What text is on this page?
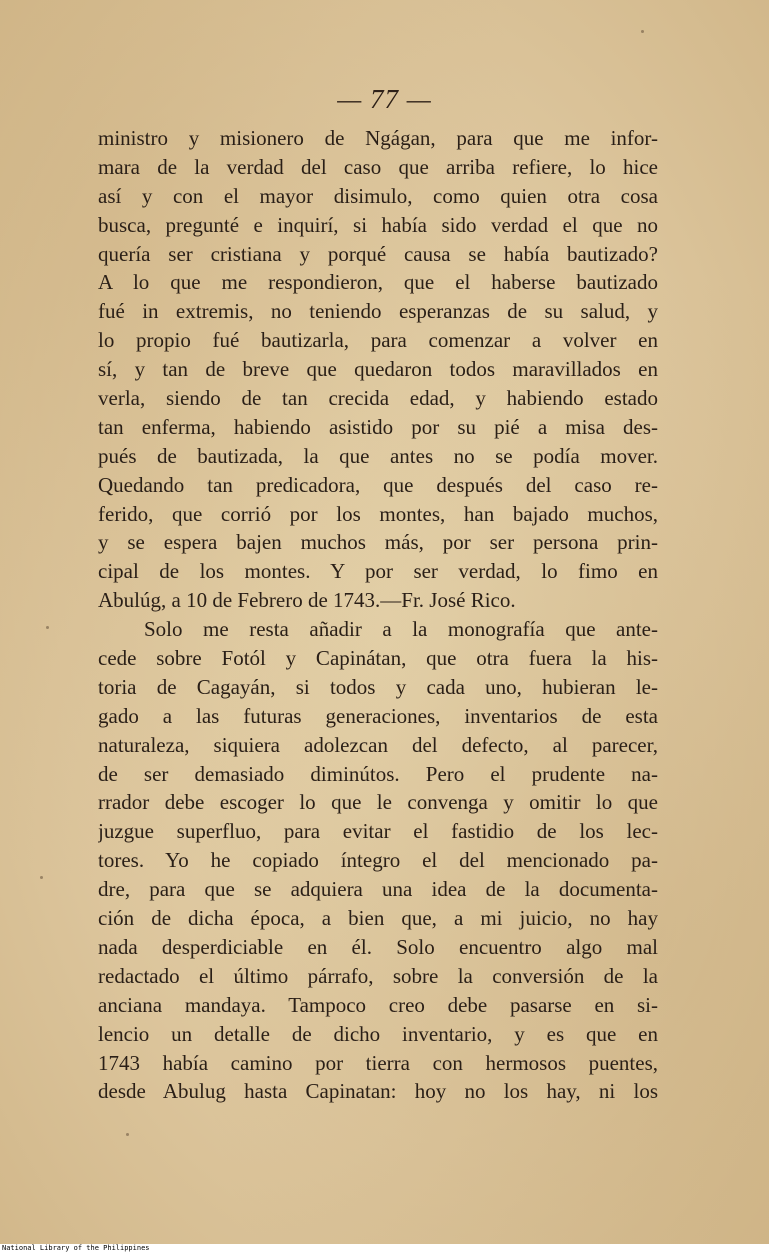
— 77 —
ministro y misionero de Ngágan, para que me infor-
mara de la verdad del caso que arriba refiere, lo hice
así y con el mayor disimulo, como quien otra cosa
busca, pregunté e inquirí, si había sido verdad el que no
quería ser cristiana y porqué causa se había bautizado?
A lo que me respondieron, que el haberse bautizado
fué in extremis, no teniendo esperanzas de su salud, y
lo propio fué bautizarla, para comenzar a volver en
sí, y tan de breve que quedaron todos maravillados en
verla, siendo de tan crecida edad, y habiendo estado
tan enferma, habiendo asistido por su pié a misa des-
pués de bautizada, la que antes no se podía mover.
Quedando tan predicadora, que después del caso re-
ferido, que corrió por los montes, han bajado muchos,
y se espera bajen muchos más, por ser persona prin-
cipal de los montes. Y por ser verdad, lo fimo en
Abulúg, a 10 de Febrero de 1743.—Fr. José Rico.
Solo me resta añadir a la monografía que ante-
cede sobre Fotól y Capinátan, que otra fuera la his-
toria de Cagayán, si todos y cada uno, hubieran le-
gado a las futuras generaciones, inventarios de esta
naturaleza, siquiera adolezcan del defecto, al parecer,
de ser demasiado diminútos. Pero el prudente na-
rrador debe escoger lo que le convenga y omitir lo que
juzgue superfluo, para evitar el fastidio de los lec-
tores. Yo he copiado íntegro el del mencionado pa-
dre, para que se adquiera una idea de la documenta-
ción de dicha época, a bien que, a mi juicio, no hay
nada desperdiciable en él. Solo encuentro algo mal
redactado el último párrafo, sobre la conversión de la
anciana mandaya. Tampoco creo debe pasarse en si-
lencio un detalle de dicho inventario, y es que en
1743 había camino por tierra con hermosos puentes,
desde Abulug hasta Capinatan: hoy no los hay, ni los
National Library of the Philippines
